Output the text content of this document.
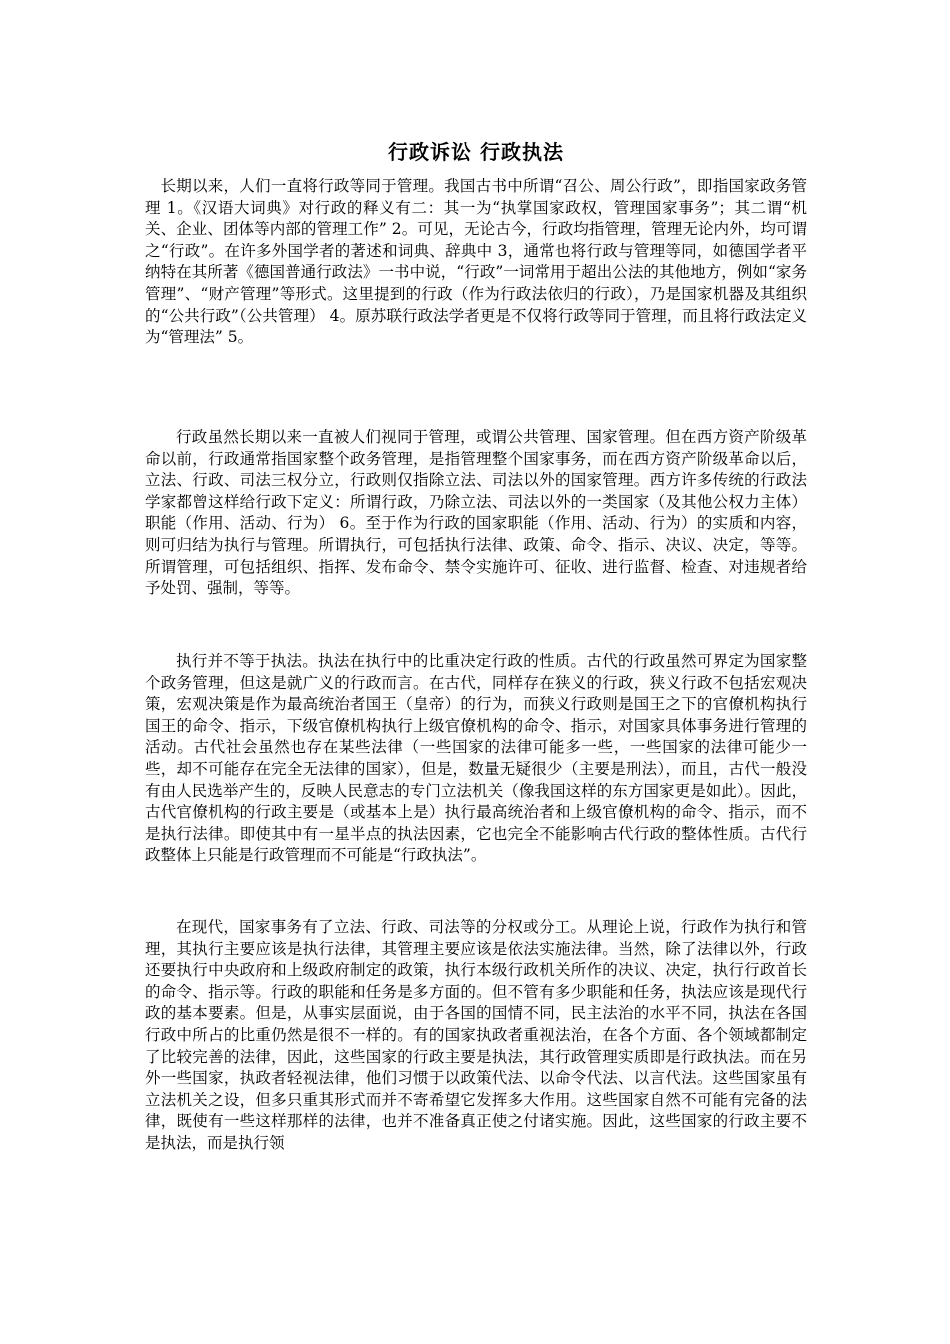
行政诉讼 行政执法

长期以来，人们一直将行政等同于管理。我国古书中所谓“召公、周公行政”，即指国家政务管理 1。《汉语大词典》对行政的释义有二：其一为“执掌国家政权，管理国家事务”；其二谓“机关、企业、团体等内部的管理工作” 2。可见，无论古今，行政均指管理，管理无论内外，均可谓之“行政”。在许多外国学者的著述和词典、辞典中 3，通常也将行政与管理等同，如德国学者平纳特在其所著《德国普通行政法》一书中说，“行政”一词常用于超出公法的其他地方，例如“家务管理”、“财产管理”等形式。这里提到的行政（作为行政法依归的行政），乃是国家机器及其组织的“公共行政”（公共管理） 4。原苏联行政法学者更是不仅将行政等同于管理，而且将行政法定义为“管理法” 5。

行政虽然长期以来一直被人们视同于管理，或谓公共管理、国家管理。但在西方资产阶级革命以前，行政通常指国家整个政务管理，是指管理整个国家事务，而在西方资产阶级革命以后，立法、行政、司法三权分立，行政则仅指除立法、司法以外的国家管理。西方许多传统的行政法学家都曾这样给行政下定义：所谓行政，乃除立法、司法以外的一类国家（及其他公权力主体）职能（作用、活动、行为） 6。至于作为行政的国家职能（作用、活动、行为）的实质和内容，则可归结为执行与管理。所谓执行，可包括执行法律、政策、命令、指示、决议、决定，等等。所谓管理，可包括组织、指挥、发布命令、禁令实施许可、征收、进行监督、检查、对违规者给予处罚、强制，等等。

执行并不等于执法。执法在执行中的比重决定行政的性质。古代的行政虽然可界定为国家整个政务管理，但这是就广义的行政而言。在古代，同样存在狭义的行政，狭义行政不包括宏观决策，宏观决策是作为最高统治者国王（皇帝）的行为，而狭义行政则是国王之下的官僚机构执行国王的命令、指示，下级官僚机构执行上级官僚机构的命令、指示，对国家具体事务进行管理的活动。古代社会虽然也存在某些法律（一些国家的法律可能多一些，一些国家的法律可能少一些，却不可能存在完全无法律的国家），但是，数量无疑很少（主要是刑法），而且，古代一般没有由人民选举产生的，反映人民意志的专门立法机关（像我国这样的东方国家更是如此）。因此，古代官僚机构的行政主要是（或基本上是）执行最高统治者和上级官僚机构的命令、指示，而不是执行法律。即使其中有一星半点的执法因素，它也完全不能影响古代行政的整体性质。古代行政整体上只能是行政管理而不可能是“行政执法”。

在现代，国家事务有了立法、行政、司法等的分权或分工。从理论上说，行政作为执行和管理，其执行主要应该是执行法律，其管理主要应该是依法实施法律。当然，除了法律以外，行政还要执行中央政府和上级政府制定的政策，执行本级行政机关所作的决议、决定，执行行政首长的命令、指示等。行政的职能和任务是多方面的。但不管有多少职能和任务，执法应该是现代行政的基本要素。但是，从事实层面说，由于各国的国情不同，民主法治的水平不同，执法在各国行政中所占的比重仍然是很不一样的。有的国家执政者重视法治，在各个方面、各个领域都制定了比较完善的法律，因此，这些国家的行政主要是执法，其行政管理实质即是行政执法。而在另外一些国家，执政者轻视法律，他们习惯于以政策代法、以命令代法、以言代法。这些国家虽有立法机关之设，但多只重其形式而并不寄希望它发挥多大作用。这些国家自然不可能有完备的法律，既使有一些这样那样的法律，也并不准备真正使之付诸实施。因此，这些国家的行政主要不是执法，而是执行领
